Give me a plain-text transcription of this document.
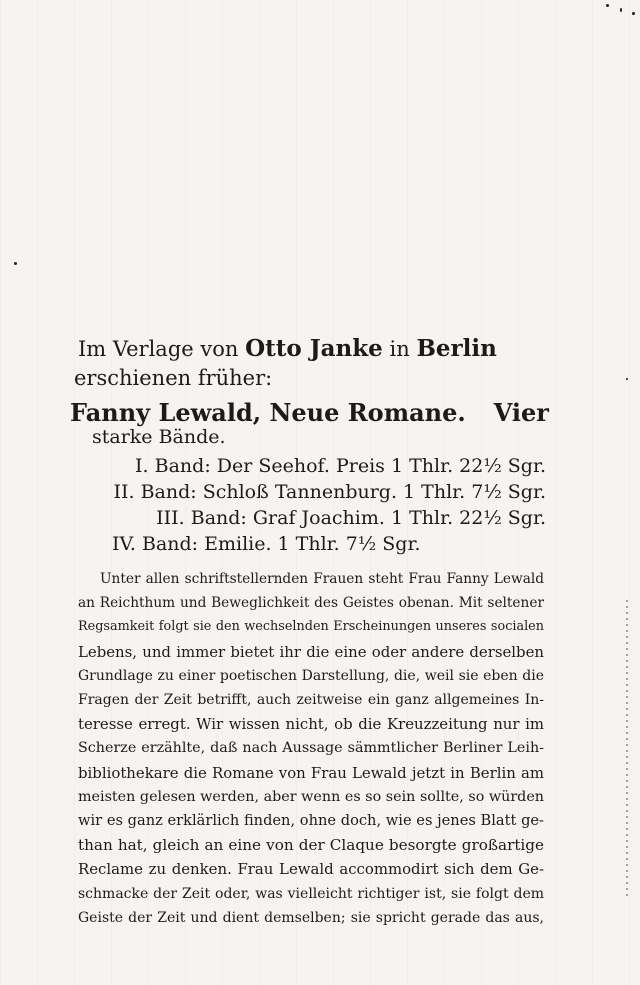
Im Verlage von Otto Janke in Berlin
erschienen früher:
Fanny Lewald, Neue Romane. Vier
starke Bände.
I. Band: Der Seehof. Preis 1 Thlr. 22½ Sgr.
II. Band: Schloß Tannenburg. 1 Thlr. 7½ Sgr.
III. Band: Graf Joachim. 1 Thlr. 22½ Sgr.
IV. Band: Emilie. 1 Thlr. 7½ Sgr.
Unter allen schriftstellernden Frauen steht Frau Fanny Lewald
an Reichthum und Beweglichkeit des Geistes obenan. Mit seltener
Regsamkeit folgt sie den wechselnden Erscheinungen unseres socialen
Lebens, und immer bietet ihr die eine oder andere derselben
Grundlage zu einer poetischen Darstellung, die, weil sie eben die
Fragen der Zeit betrifft, auch zeitweise ein ganz allgemeines In-
teresse erregt. Wir wissen nicht, ob die Kreuzzeitung nur im
Scherze erzählte, daß nach Aussage sämmtlicher Berliner Leih-
bibliothekare die Romane von Frau Lewald jetzt in Berlin am
meisten gelesen werden, aber wenn es so sein sollte, so würden
wir es ganz erklärlich finden, ohne doch, wie es jenes Blatt ge-
than hat, gleich an eine von der Claque besorgte großartige
Reclame zu denken. Frau Lewald accommodirt sich dem Ge-
schmacke der Zeit oder, was vielleicht richtiger ist, sie folgt dem
Geiste der Zeit und dient demselben; sie spricht gerade das aus,
